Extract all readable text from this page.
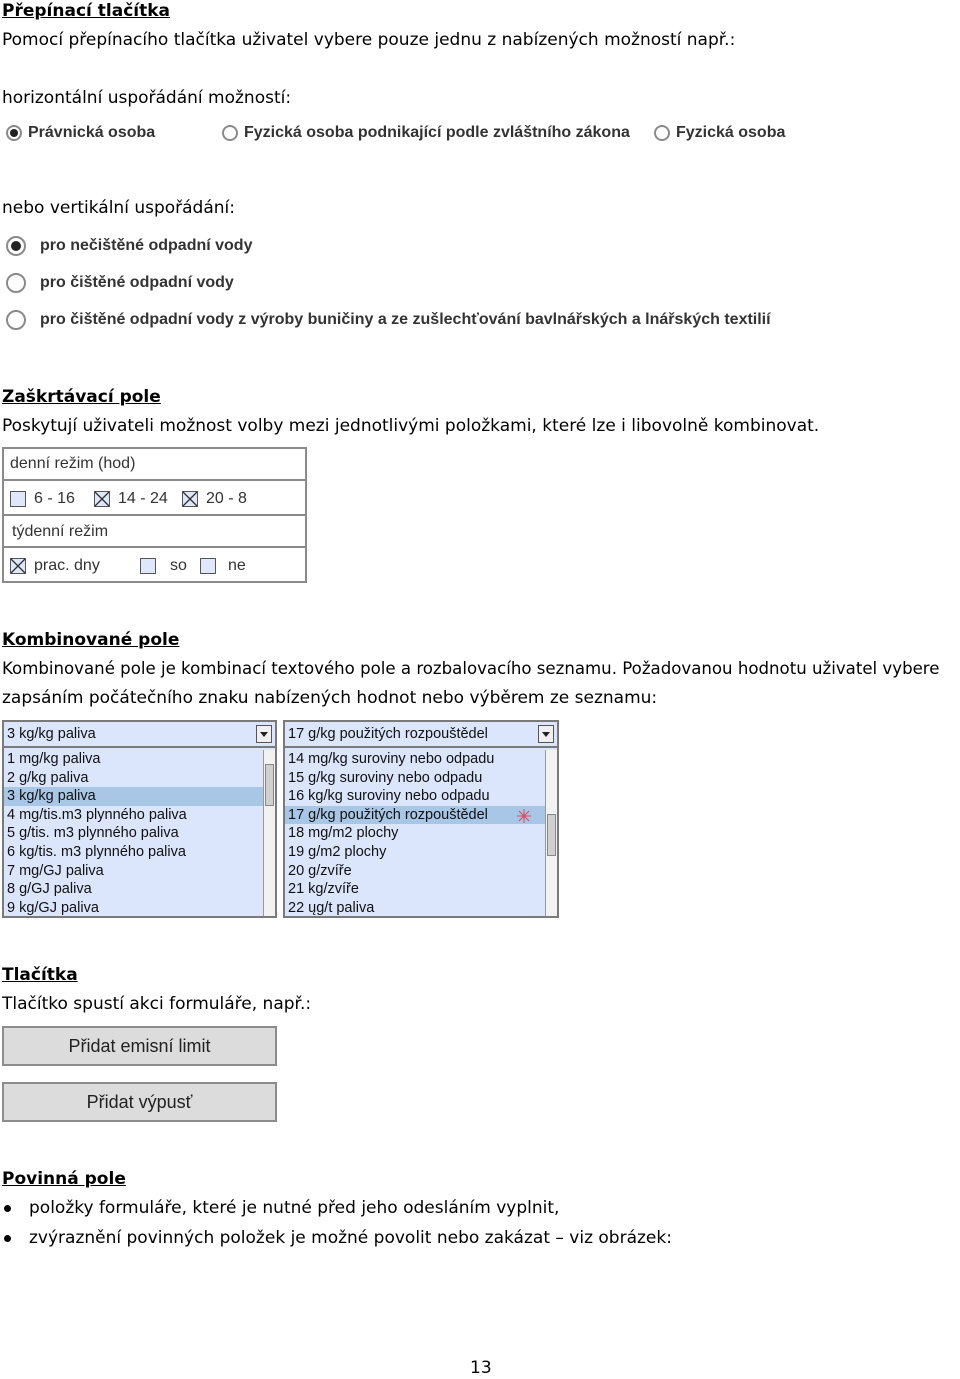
Přepínací tlačítka
Pomocí přepínacího tlačítka uživatel vybere pouze jednu z nabízených možností např.:
horizontální uspořádání možností:
Právnická osoba	Fyzická osoba podnikající podle zvláštního zákona	Fyzická osoba
nebo vertikální uspořádání:
pro nečištěné odpadní vody
pro čištěné odpadní vody
pro čištěné odpadní vody z výroby buničiny a ze zušlechťování bavlnářských a lnářských textilií
Zaškrtávací pole
Poskytují uživateli možnost volby mezi jednotlivými položkami, které lze i libovolně kombinovat.
denní režim (hod)
6 - 16	14 - 24	20 - 8
týdenní režim
prac. dny	so	ne
Kombinované pole
Kombinované pole je kombinací textového pole a rozbalovacího seznamu. Požadovanou hodnotu uživatel vybere
zapsáním počátečního znaku nabízených hodnot nebo výběrem ze seznamu:
3 kg/kg paliva
1 mg/kg paliva
2 g/kg paliva
3 kg/kg paliva
4 mg/tis.m3 plynného paliva
5 g/tis. m3 plynného paliva
6 kg/tis. m3 plynného paliva
7 mg/GJ paliva
8 g/GJ paliva
9 kg/GJ paliva
17 g/kg použitých rozpouštědel
14 mg/kg suroviny nebo odpadu
15 g/kg suroviny nebo odpadu
16 kg/kg suroviny nebo odpadu
17 g/kg použitých rozpouštědel
18 mg/m2 plochy
19 g/m2 plochy
20 g/zvíře
21 kg/zvíře
22 ųg/t paliva
Tlačítka
Tlačítko spustí akci formuláře, např.:
Přidat emisní limit
Přidat výpusť
Povinná pole
položky formuláře, které je nutné před jeho odesláním vyplnit,
zvýraznění povinných položek je možné povolit nebo zakázat – viz obrázek:
13
